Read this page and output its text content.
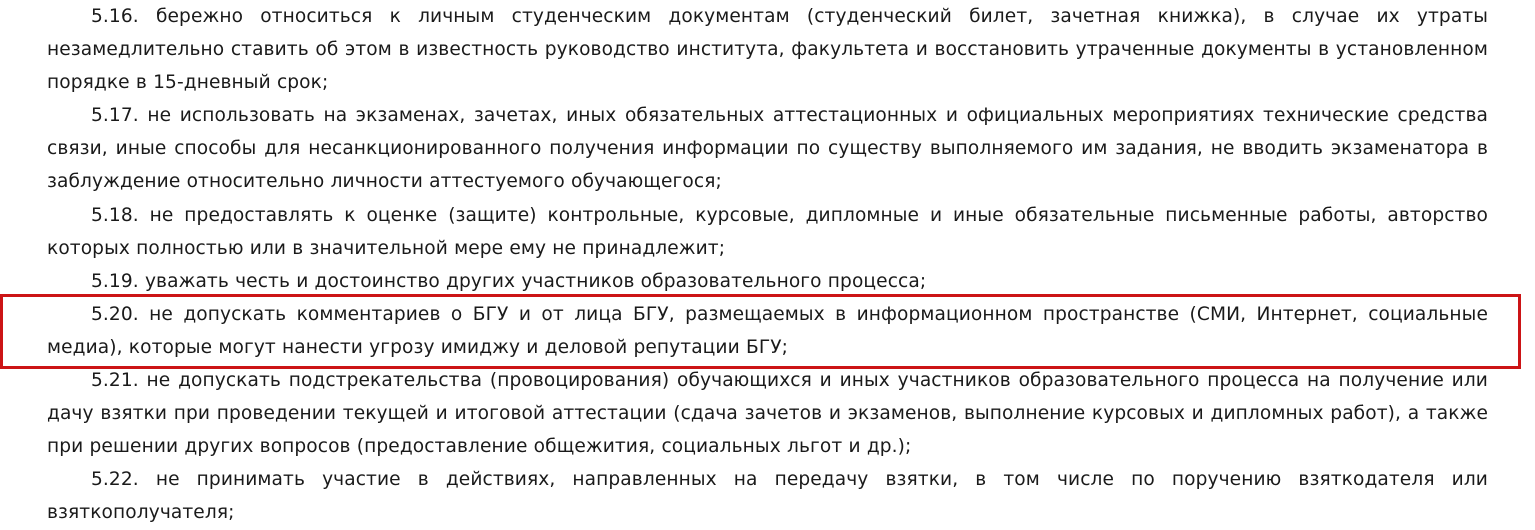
5.16. бережно относиться к личным студенческим документам (студенческий билет, зачетная книжка), в случае их утраты незамедлительно ставить об этом в известность руководство института, факультета и восстановить утраченные документы в установленном порядке в 15-дневный срок;

5.17. не использовать на экзаменах, зачетах, иных обязательных аттестационных и официальных мероприятиях технические средства связи, иные способы для несанкционированного получения информации по существу выполняемого им задания, не вводить экзаменатора в заблуждение относительно личности аттестуемого обучающегося;

5.18. не предоставлять к оценке (защите) контрольные, курсовые, дипломные и иные обязательные письменные работы, авторство которых полностью или в значительной мере ему не принадлежит;

5.19. уважать честь и достоинство других участников образовательного процесса;

5.20. не допускать комментариев о БГУ и от лица БГУ, размещаемых в информационном пространстве (СМИ, Интернет, социальные медиа), которые могут нанести угрозу имиджу и деловой репутации БГУ;

5.21. не допускать подстрекательства (провоцирования) обучающихся и иных участников образовательного процесса на получение или дачу взятки при проведении текущей и итоговой аттестации (сдача зачетов и экзаменов, выполнение курсовых и дипломных работ), а также при решении других вопросов (предоставление общежития, социальных льгот и др.);

5.22. не принимать участие в действиях, направленных на передачу взятки, в том числе по поручению взяткодателя или взяткополучателя;
